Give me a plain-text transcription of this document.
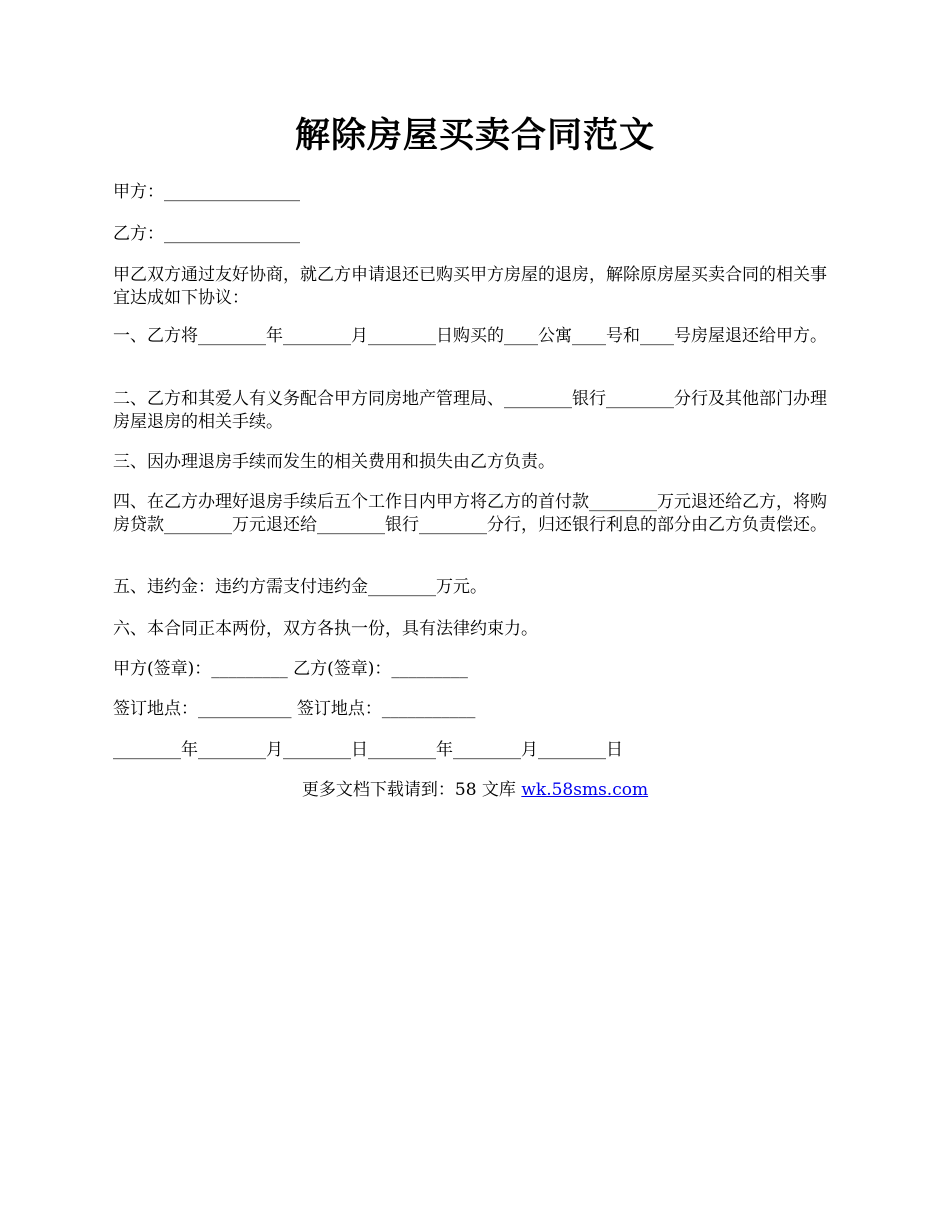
解除房屋买卖合同范文

甲方：________________

乙方：________________

甲乙双方通过友好协商，就乙方申请退还已购买甲方房屋的退房，解除原房屋买卖合同的相关事宜达成如下协议：

一、乙方将________年________月________日购买的____公寓____号和____号房屋退还给甲方。

二、乙方和其爱人有义务配合甲方同房地产管理局、________银行________分行及其他部门办理房屋退房的相关手续。

三、因办理退房手续而发生的相关费用和损失由乙方负责。

四、在乙方办理好退房手续后五个工作日内甲方将乙方的首付款________万元退还给乙方，将购房贷款________万元退还给________银行________分行，归还银行利息的部分由乙方负责偿还。

五、违约金：违约方需支付违约金________万元。

六、本合同正本两份，双方各执一份，具有法律约束力。

甲方(签章)：_________ 乙方(签章)：_________

签订地点：___________ 签订地点：___________

________年________月________日________年________月________日

更多文档下载请到：58 文库 wk.58sms.com
